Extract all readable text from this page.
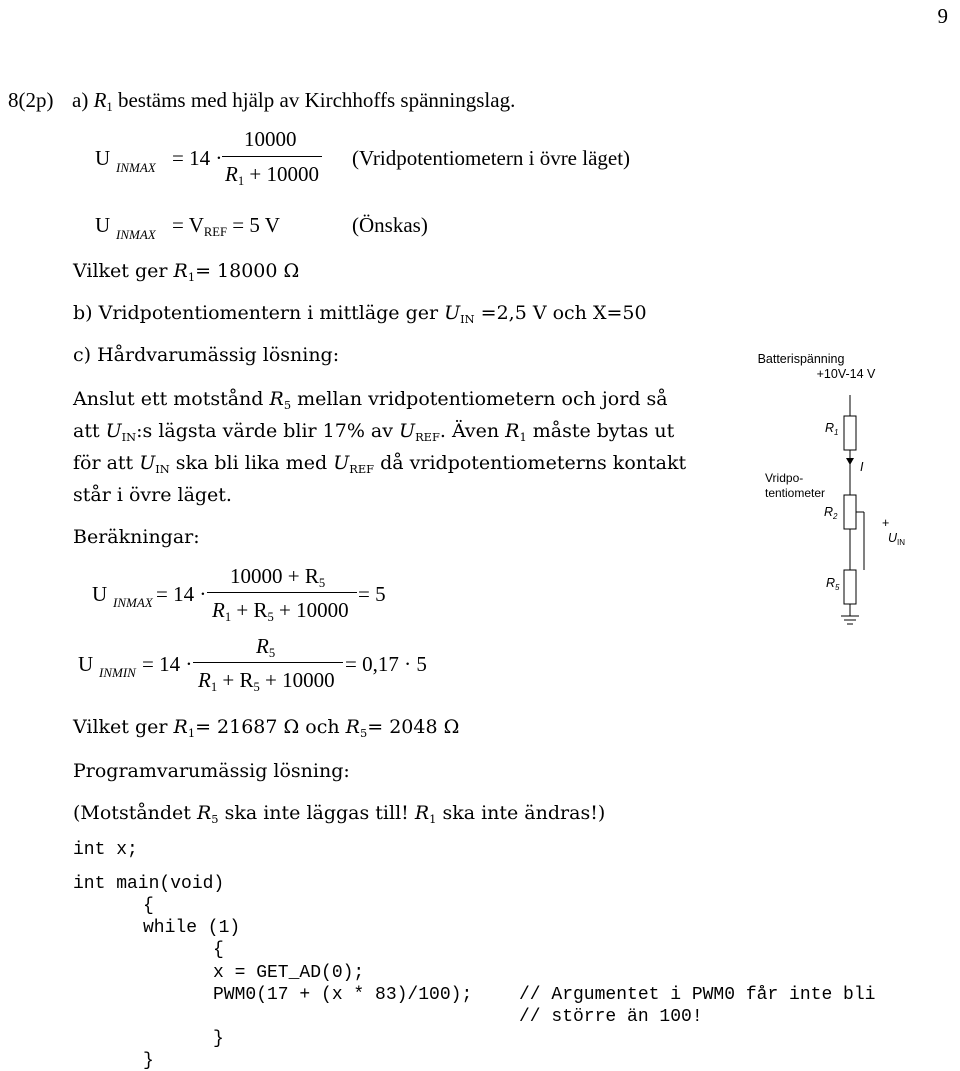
9
8(2p) a) $R_1$ bestäms med hjälp av Kirchhoffs spänningslag.
U INMAX = 14 ·
10000
$R_1 + 10000$
(Vridpotentiometern i övre läget)
U INMAX = $V_{REF} = 5$ V	(Önskas)
Vilket ger $R_1= 18000$ Ω
b) Vridpotentiomentern i mittläge ger $U_{IN} =2,5$ V och X=50
c) Hårdvarumässig lösning:
Anslut ett motstånd $R_5$ mellan vridpotentiometern och jord så
att $U_{IN}:s$ lägsta värde blir 17% av $U_{REF}$. Även $R_1$ måste bytas ut
för att $U_{IN}$ ska bli lika med $U_{REF}$ då vridpotentiometerns kontakt
står i övre läget.
Beräkningar:
U INMAX = 14 ·
$10000 + R_5$
$R_1 + R_5 + 10000$
= 5
U INMIN = 14 ·
$R_5$
$R_1 + R_5 + 10000$
= 0,17 · 5
Vilket ger $R_1= 21687$ Ω och $R_5= 2048$ Ω
Programvarumässig lösning:
(Motståndet $R_5$ ska inte läggas till! $R_1$ ska inte ändras!)
int x;
int main(void)
{
while (1)
{
x = GET_AD(0);
PWM0(17 + (x * 83)/100);	// Argumentet i PWM0 får inte bli
// större än 100!
}
}
Batterispänning
+10V-14 V
$R_1$
I
Vridpo-
tentiometer
$R_2$	+
$U_{IN}$
$R_5$
